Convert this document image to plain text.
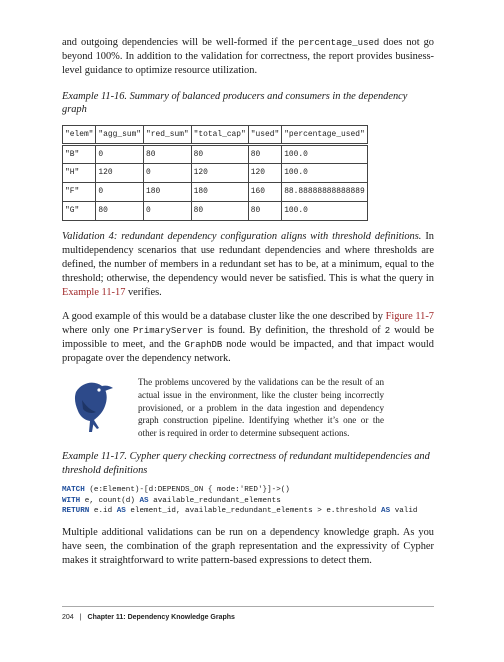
and outgoing dependencies will be well-formed if the percentage_used does not go beyond 100%. In addition to the validation for correctness, the report provides business-level guidance to optimize resource utilization.

Example 11-16. Summary of balanced producers and consumers in the dependency graph

"elem"	"agg_sum"	"red_sum"	"total_cap"	"used"	"percentage_used"
"B"	0	80	80	80	100.0
"H"	120	0	120	120	100.0
"F"	0	180	180	160	88.88888888888889
"G"	80	0	80	80	100.0

Validation 4: redundant dependency configuration aligns with threshold definitions. In multidependency scenarios that use redundant dependencies and where thresholds are defined, the number of members in a redundant set has to be, at a minimum, equal to the threshold; otherwise, the dependency would never be satisfied. This is what the query in Example 11-17 verifies.

A good example of this would be a database cluster like the one described by Figure 11-7 where only one PrimaryServer is found. By definition, the threshold of 2 would be impossible to meet, and the GraphDB node would be impacted, and that impact would propagate over the dependency network.

The problems uncovered by the validations can be the result of an actual issue in the environment, like the cluster being incorrectly provisioned, or a problem in the data ingestion and dependency graph construction pipeline. Identifying whether it’s one or the other is required in order to determine subsequent actions.

Example 11-17. Cypher query checking correctness of redundant multidependencies and threshold definitions

MATCH (e:Element)-[d:DEPENDS_ON { mode:'RED'}]->()
WITH e, count(d) AS available_redundant_elements
RETURN e.id AS element_id, available_redundant_elements > e.threshold AS valid

Multiple additional validations can be run on a dependency knowledge graph. As you have seen, the combination of the graph representation and the expressivity of Cypher makes it straightforward to write pattern-based expressions to detect them.

204 | Chapter 11: Dependency Knowledge Graphs
